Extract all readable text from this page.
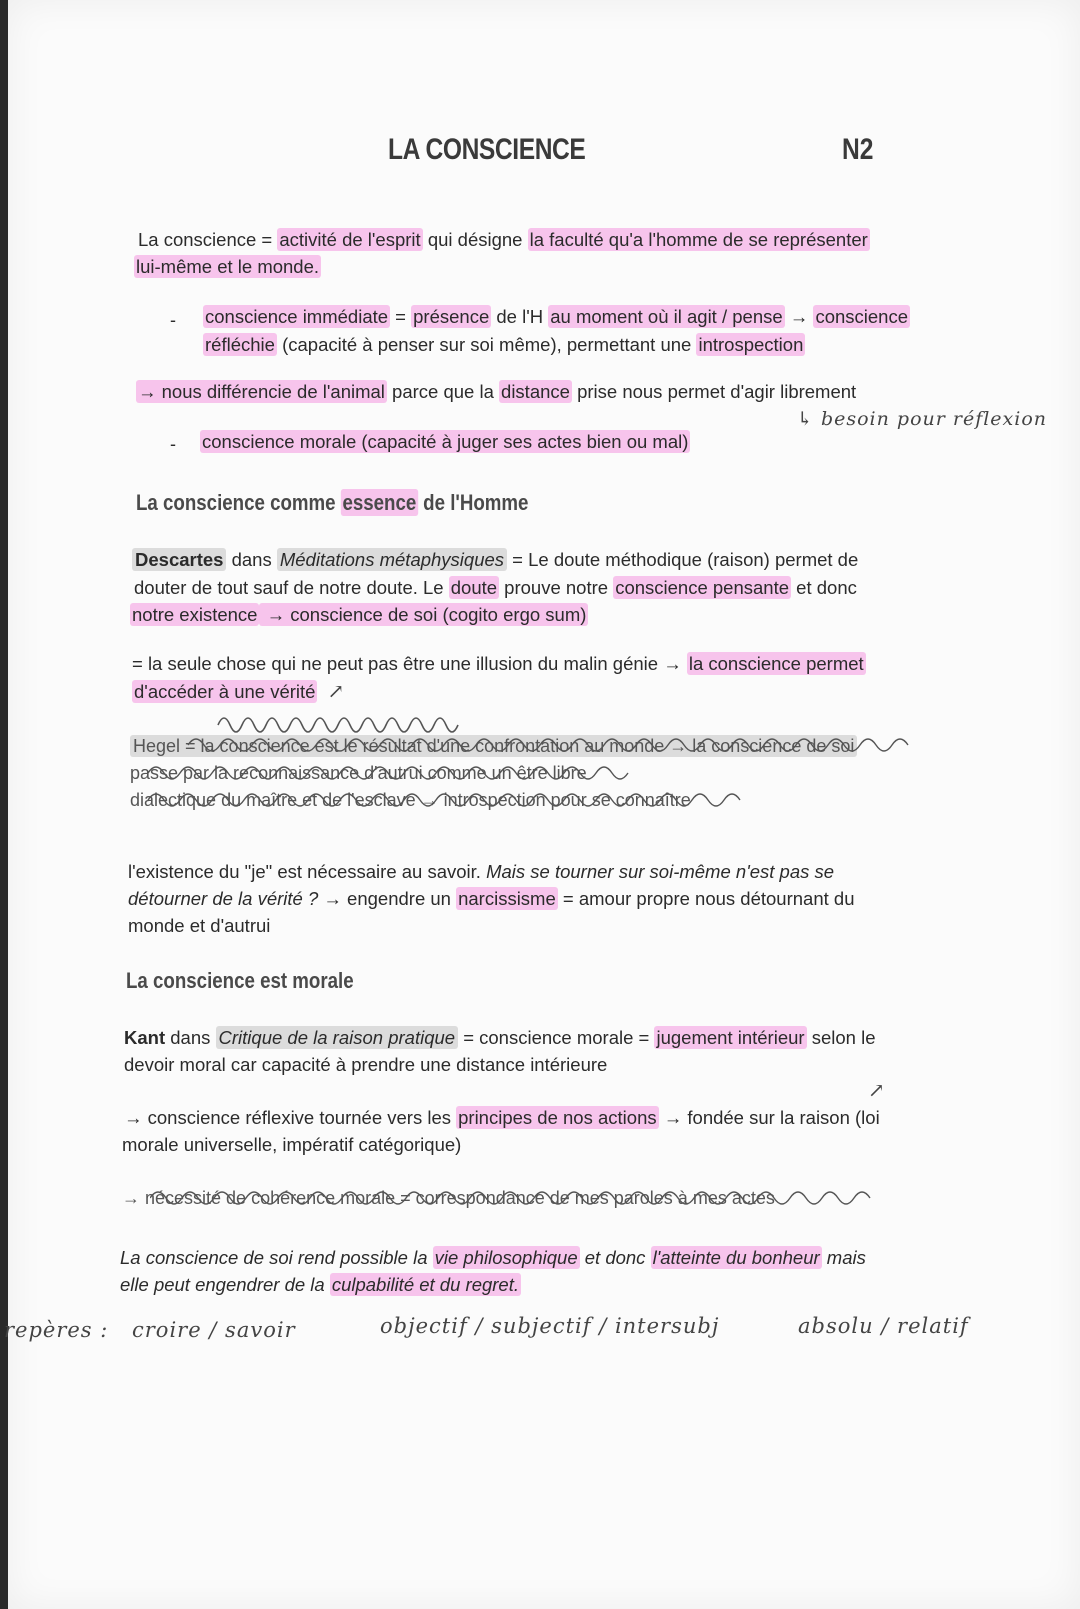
LA CONSCIENCE	N2
La conscience = activité de l'esprit qui désigne la faculté qu'a l'homme de se représenter
lui-même et le monde.
- conscience immédiate = présence de l'H au moment où il agit / pense → conscience
réfléchie (capacité à penser sur soi même), permettant une introspection
→ nous différencie de l'animal parce que la distance prise nous permet d'agir librement
↳ besoin pour réflexion
- conscience morale (capacité à juger ses actes bien ou mal)
La conscience comme essence de l'Homme
Descartes dans Méditations métaphysiques = Le doute méthodique (raison) permet de
douter de tout sauf de notre doute. Le doute prouve notre conscience pensante et donc
notre existence → conscience de soi (cogito ergo sum)
= la seule chose qui ne peut pas être une illusion du malin génie → la conscience permet
d'accéder à une vérité ↗
Hegel = la conscience est le résultat d'une confrontation au monde → la conscience de soi
passe par la reconnaissance d'autrui comme un être libre
dialectique du maître et de l'esclave → introspection pour se connaître
l'existence du "je" est nécessaire au savoir. Mais se tourner sur soi-même n'est pas se
détourner de la vérité ? → engendre un narcissisme = amour propre nous détournant du
monde et d'autrui
La conscience est morale
Kant dans Critique de la raison pratique = conscience morale = jugement intérieur selon le
devoir moral car capacité à prendre une distance intérieure
↗
→ conscience réflexive tournée vers les principes de nos actions → fondée sur la raison (loi
morale universelle, impératif catégorique)
→ nécessité de cohérence morale = correspondance de mes paroles à mes actes
La conscience de soi rend possible la vie philosophique et donc l'atteinte du bonheur mais
elle peut engendrer de la culpabilité et du regret.
repères : croire / savoir	objectif / subjectif / intersubj	absolu / relatif
